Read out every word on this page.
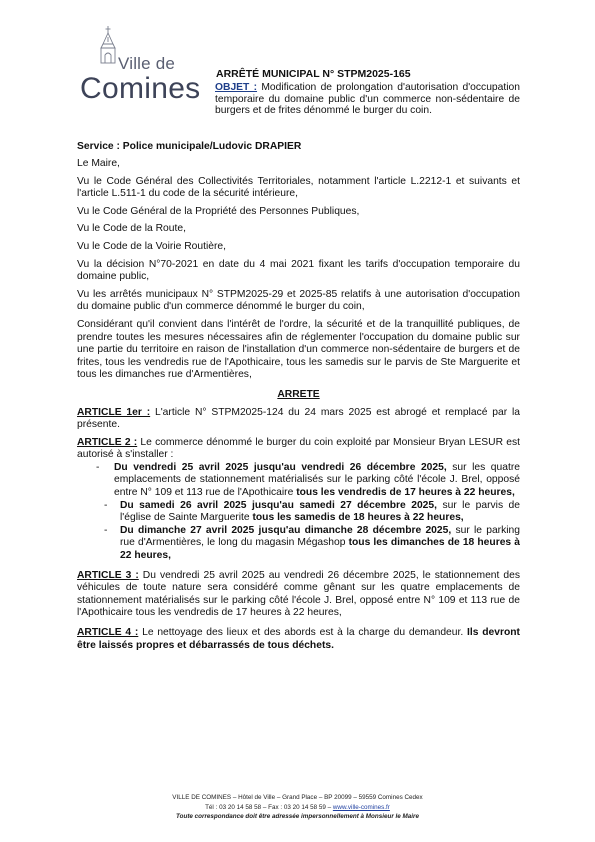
Ville de
Comines ARRÊTÉ MUNICIPAL N° STPM2025-165
OBJET : Modification de prolongation d'autorisation d'occupation temporaire du domaine public d'un commerce non-sédentaire de burgers et de frites dénommé le burger du coin.
Service : Police municipale/Ludovic DRAPIER

Le Maire,

Vu le Code Général des Collectivités Territoriales, notamment l'article L.2212-1 et suivants et l'article L.511-1 du code de la sécurité intérieure,

Vu le Code Général de la Propriété des Personnes Publiques,

Vu le Code de la Route,

Vu le Code de la Voirie Routière,

Vu la décision N°70-2021 en date du 4 mai 2021 fixant les tarifs d'occupation temporaire du domaine public,

Vu les arrêtés municipaux N° STPM2025-29 et 2025-85 relatifs à une autorisation d'occupation du domaine public d'un commerce dénommé le burger du coin,

Considérant qu'il convient dans l'intérêt de l'ordre, la sécurité et de la tranquillité publiques, de prendre toutes les mesures nécessaires afin de réglementer l'occupation du domaine public sur une partie du territoire en raison de l'installation d'un commerce non-sédentaire de burgers et de frites, tous les vendredis rue de l'Apothicaire, tous les samedis sur le parvis de Ste Marguerite et tous les dimanches rue d'Armentières,

ARRETE

ARTICLE 1er : L'article N° STPM2025-124 du 24 mars 2025 est abrogé et remplacé par la présente.

ARTICLE 2 : Le commerce dénommé le burger du coin exploité par Monsieur Bryan LESUR est autorisé à s'installer :

- Du vendredi 25 avril 2025 jusqu'au vendredi 26 décembre 2025, sur les quatre emplacements de stationnement matérialisés sur le parking côté l'école J. Brel, opposé entre N° 109 et 113 rue de l'Apothicaire tous les vendredis de 17 heures à 22 heures,
- Du samedi 26 avril 2025 jusqu'au samedi 27 décembre 2025, sur le parvis de l'église de Sainte Marguerite tous les samedis de 18 heures à 22 heures,
- Du dimanche 27 avril 2025 jusqu'au dimanche 28 décembre 2025, sur le parking rue d'Armentières, le long du magasin Mégashop tous les dimanches de 18 heures à 22 heures,

ARTICLE 3 : Du vendredi 25 avril 2025 au vendredi 26 décembre 2025, le stationnement des véhicules de toute nature sera considéré comme gênant sur les quatre emplacements de stationnement matérialisés sur le parking côté l'école J. Brel, opposé entre N° 109 et 113 rue de l'Apothicaire tous les vendredis de 17 heures à 22 heures,

ARTICLE 4 : Le nettoyage des lieux et des abords est à la charge du demandeur. Ils devront être laissés propres et débarrassés de tous déchets.

VILLE DE COMINES – Hôtel de Ville – Grand Place – BP 20099 – 59559 Comines Cedex
Tél : 03 20 14 58 58 – Fax : 03 20 14 58 59 – www.ville-comines.fr
Toute correspondance doit être adressée impersonnellement à Monsieur le Maire
